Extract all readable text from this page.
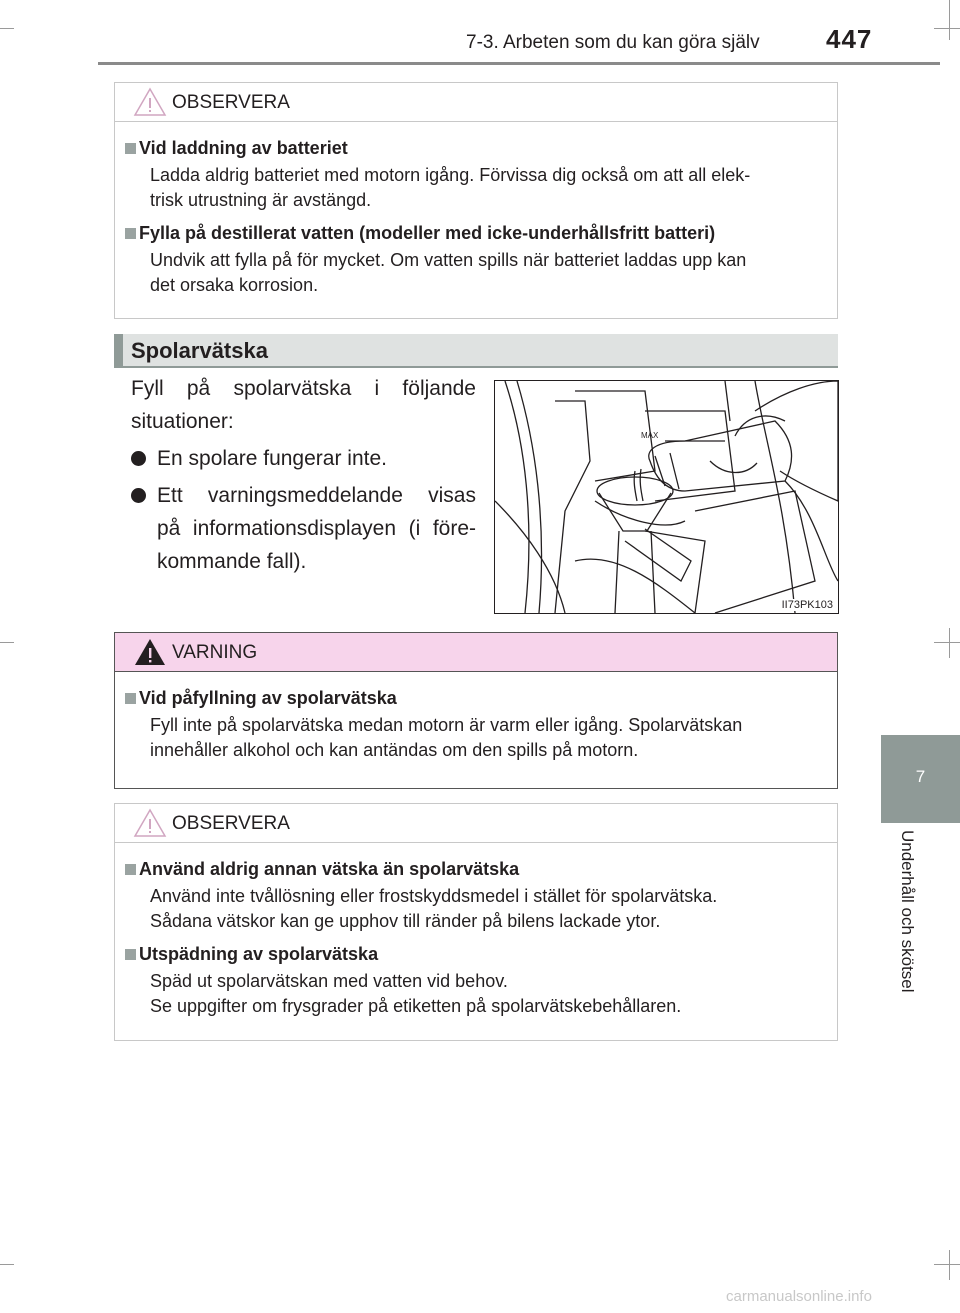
7-3. Arbeten som du kan göra själv	447
7
Underhåll och skötsel
OBSERVERA
Vid laddning av batteriet
Ladda aldrig batteriet med motorn igång. Förvissa dig också om att all elek-
trisk utrustning är avstängd.
Fylla på destillerat vatten (modeller med icke-underhållsfritt batteri)
Undvik att fylla på för mycket. Om vatten spills när batteriet laddas upp kan
det orsaka korrosion.
Spolarvätska

Fyll på spolarvätska i följande

situationer:

En spolare fungerar inte.

Ett varningsmeddelande visas

på informationsdisplayen (i före-

kommande fall).

MAX
II73PK103
VARNING
Vid påfyllning av spolarvätska
Fyll inte på spolarvätska medan motorn är varm eller igång. Spolarvätskan
innehåller alkohol och kan antändas om den spills på motorn.
OBSERVERA
Använd aldrig annan vätska än spolarvätska
Använd inte tvållösning eller frostskyddsmedel i stället för spolarvätska.
Sådana vätskor kan ge upphov till ränder på bilens lackade ytor.
Utspädning av spolarvätska
Späd ut spolarvätskan med vatten vid behov.
Se uppgifter om frysgrader på etiketten på spolarvätskebehållaren.
carmanualsonline.info
